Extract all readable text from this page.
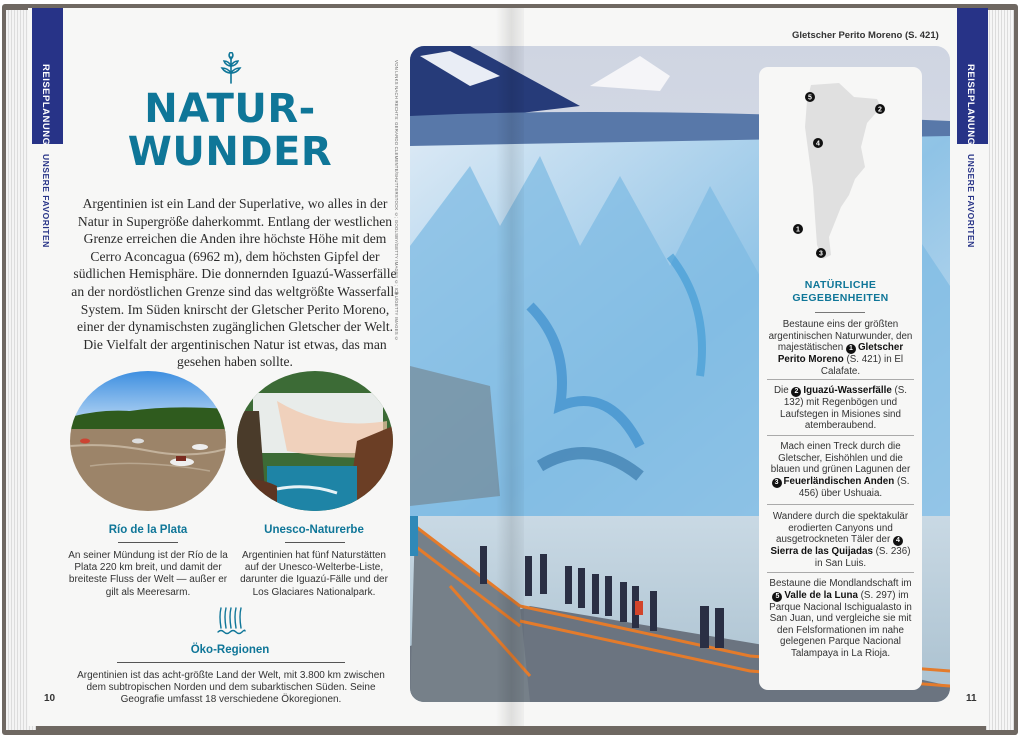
REISEPLANUNG
UNSERE FAVORITEN
NATUR-
WUNDER
Argentinien ist ein Land der Superlative, wo alles in der Natur in Supergröße daherkommt. Entlang der westlichen Grenze erreichen die Anden ihre höchste Höhe mit dem Cerro Aconcagua (6962 m), dem höchsten Gipfel der südlichen Hemisphäre. Die donnernden Iguazú-Wasserfälle an der nordöstlichen Grenze sind das weltgrößte Wasserfall-System. Im Süden knirscht der Gletscher Perito Moreno, einer der dynamischsten zugänglichen Gletscher der Welt. Die Vielfalt der argentinischen Natur ist etwas, das man gesehen haben sollte.
Río de la Plata
An seiner Mündung ist der Río de la Plata 220 km breit, und damit der breiteste Fluss der Welt — außer er gilt als Meeresarm.
Unesco-Naturerbe
Argentinien hat fünf Naturstätten auf der Unesco-Welterbe-Liste, darunter die Iguazú-Fälle und der Los Glaciares Nationalpark.
Öko-Regionen
Argentinien ist das acht-größte Land der Welt, mit 3.800 km zwischen dem subtropischen Norden und dem subarktischen Süden. Seine Geografie umfasst 18 verschiedene Ökoregionen.
10
VON LINKS NACH RECHTS: GERARDO CLEMENTE/SHUTTERSTOCK ©; GOOLSBY/GETTY IMAGES ©; ICHU/GETTY IMAGES ©	REISEPLANUNG
UNSERE FAVORITEN
Gletscher Perito Moreno (S. 421)
5
2
4
1
3
NATÜRLICHE
GEGEBENHEITEN
Bestaune eins der größten argentinischen Naturwunder, den majestätischen 1 Gletscher Perito Moreno (S. 421) in El Calafate.
Die 2 Iguazú-Wasserfälle (S. 132) mit Regenbögen und Laufstegen in Misiones sind atemberaubend.
Mach einen Treck durch die Gletscher, Eishöhlen und die blauen und grünen Lagunen der 3 Feuerländischen Anden (S. 456) über Ushuaia.
Wandere durch die spektakulär erodierten Canyons und ausgetrockneten Täler der 4Sierra de las Quijadas (S. 236) in San Luis.
Bestaune die Mondlandschaft im 5 Valle de la Luna (S. 297) im Parque Nacional Ischigualasto in San Juan, und vergleiche sie mit den Felsformationen im nahe gelegenen Parque Nacional Talampaya in La Rioja.
11
